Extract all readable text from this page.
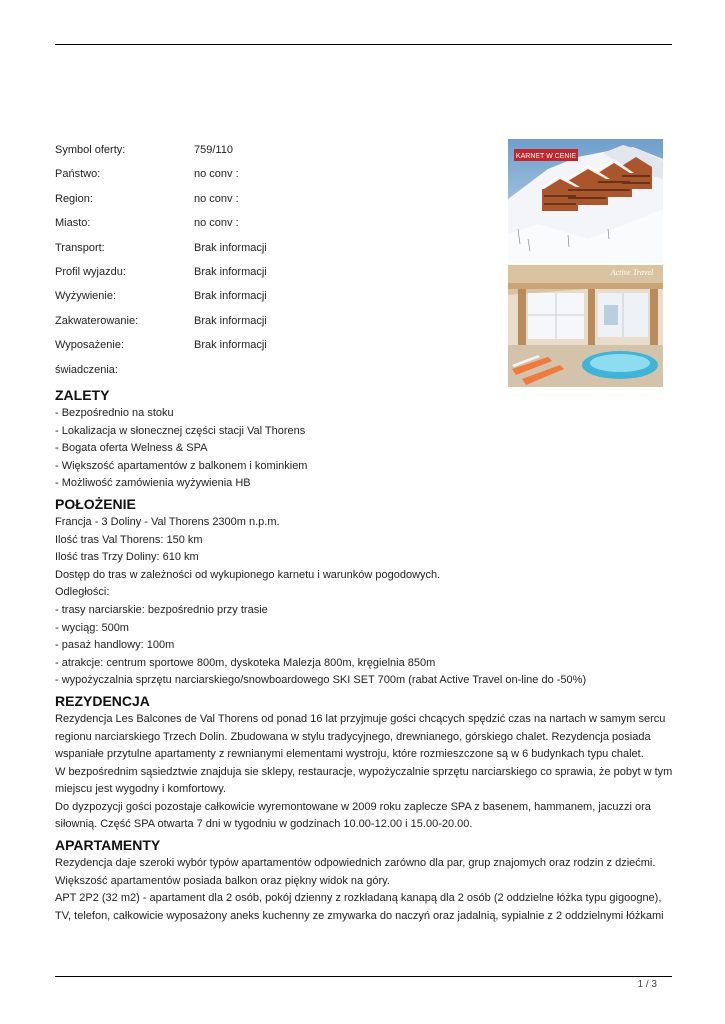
Symbol oferty:	759/110
Państwo:	no conv :
Region:	no conv :
Miasto:	no conv :
Transport:	Brak informacji
Profil wyjazdu:	Brak informacji
Wyżywienie:	Brak informacji
Zakwaterowanie:	Brak informacji
Wyposażenie:	Brak informacji
świadczenia:
KARNET W CENIE
Active Travel
ZALETY
- Bezpośrednio na stoku
- Lokalizacja w słonecznej części stacji Val Thorens
- Bogata oferta Welness & SPA
- Większość apartamentów z balkonem i kominkiem
- Możliwość zamówienia wyżywienia HB
POŁOŻENIE
Francja - 3 Doliny - Val Thorens 2300m n.p.m.
Ilość tras Val Thorens: 150 km
Ilość tras Trzy Doliny: 610 km
Dostęp do tras w zależności od wykupionego karnetu i warunków pogodowych.
Odległości:
- trasy narciarskie: bezpośrednio przy trasie
- wyciąg: 500m
- pasaż handlowy: 100m
- atrakcje: centrum sportowe 800m, dyskoteka Malezja 800m, kręgielnia 850m
- wypożyczalnia sprzętu narciarskiego/snowboardowego SKI SET 700m (rabat Active Travel on-line do -50%)
REZYDENCJA
Rezydencja Les Balcones de Val Thorens od ponad 16 lat przyjmuje gości chcących spędzić czas na nartach w samym sercu regionu narciarskiego Trzech Dolin. Zbudowana w stylu tradycyjnego, drewnianego, górskiego chalet. Rezydencja posiada wspaniałe przytulne apartamenty z rewnianymi elementami wystroju, które rozmieszczone są w 6 budynkach typu chalet.
W bezpośrednim sąsiedztwie znajduja sie sklepy, restauracje, wypożyczalnie sprzętu narciarskiego co sprawia, że pobyt w tym miejscu jest wygodny i komfortowy.
Do dyzpozycji gości pozostaje całkowicie wyremontowane w 2009 roku zaplecze SPA z basenem, hammanem, jacuzzi ora siłownią. Część SPA otwarta 7 dni w tygodniu w godzinach 10.00-12.00 i 15.00-20.00.
APARTAMENTY
Rezydencja daje szeroki wybór typów apartamentów odpowiednich zarówno dla par, grup znajomych oraz rodzin z dziećmi. Większość apartamentów posiada balkon oraz piękny widok na góry.
APT 2P2 (32 m2) - apartament dla 2 osób, pokój dzienny z rozkładaną kanapą dla 2 osób (2 oddzielne łóżka typu gigoogne), TV, telefon, całkowicie wyposażony aneks kuchenny ze zmywarka do naczyń oraz jadalnią, sypialnie z 2 oddzielnymi łóżkami
1 / 3
